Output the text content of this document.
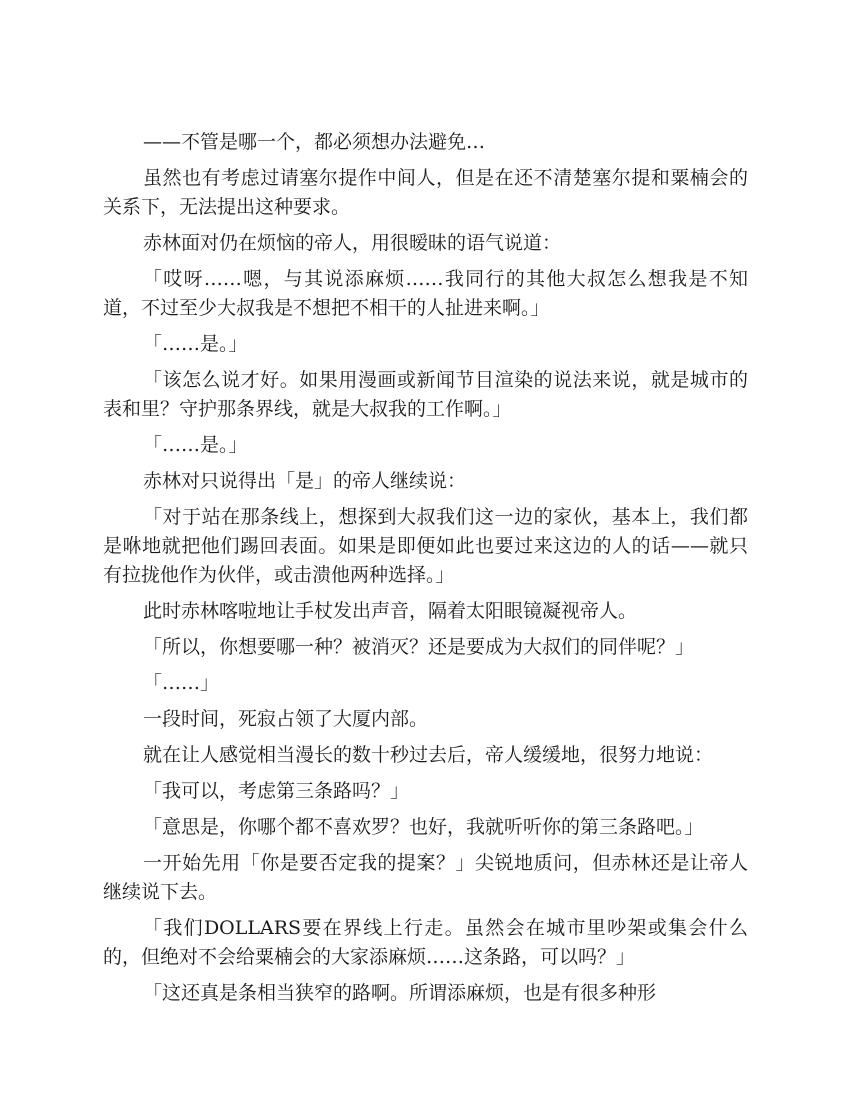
——不管是哪一个，都必须想办法避免…

虽然也有考虑过请塞尔提作中间人，但是在还不清楚塞尔提和粟楠会的关系下，无法提出这种要求。

赤林面对仍在烦恼的帝人，用很暧昧的语气说道：

「哎呀……嗯，与其说添麻烦……我同行的其他大叔怎么想我是不知道，不过至少大叔我是不想把不相干的人扯进来啊。」

「……是。」

「该怎么说才好。如果用漫画或新闻节目渲染的说法来说，就是城市的表和里？守护那条界线，就是大叔我的工作啊。」

「……是。」

赤林对只说得出「是」的帝人继续说：

「对于站在那条线上，想探到大叔我们这一边的家伙，基本上，我们都是咻地就把他们踢回表面。如果是即便如此也要过来这边的人的话——就只有拉拢他作为伙伴，或击溃他两种选择。」

此时赤林喀啦地让手杖发出声音，隔着太阳眼镜凝视帝人。

「所以，你想要哪一种？被消灭？还是要成为大叔们的同伴呢？」

「……」

一段时间，死寂占领了大厦内部。

就在让人感觉相当漫长的数十秒过去后，帝人缓缓地，很努力地说：

「我可以，考虑第三条路吗？」

「意思是，你哪个都不喜欢罗？也好，我就听听你的第三条路吧。」

一开始先用「你是要否定我的提案？」尖锐地质问，但赤林还是让帝人继续说下去。

「我们DOLLARS要在界线上行走。虽然会在城市里吵架或集会什么的，但绝对不会给粟楠会的大家添麻烦……这条路，可以吗？」

「这还真是条相当狭窄的路啊。所谓添麻烦，也是有很多种形
